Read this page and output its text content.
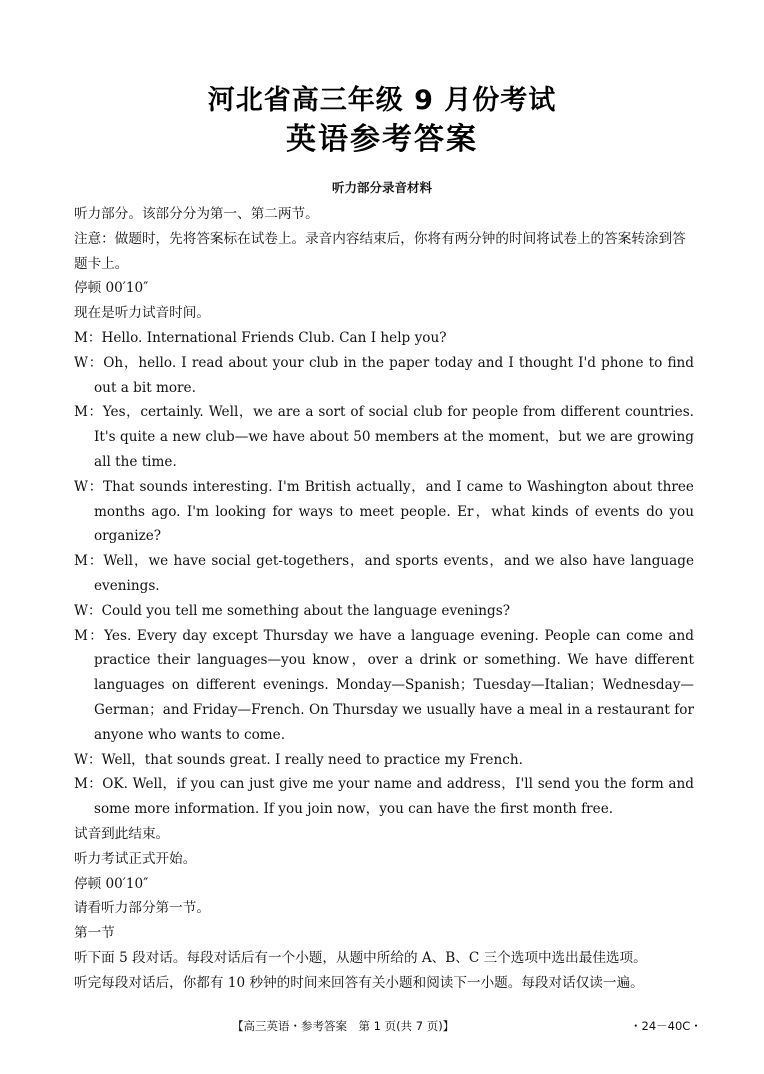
河北省高三年级 9 月份考试
英语参考答案
听力部分录音材料

听力部分。该部分分为第一、第二两节。

注意：做题时，先将答案标在试卷上。录音内容结束后，你将有两分钟的时间将试卷上的答案转涂到答题卡上。

停顿 00′10″

现在是听力试音时间。

M：Hello. International Friends Club. Can I help you?

W：Oh，hello. I read about your club in the paper today and I thought I'd phone to find out a bit more.

M：Yes，certainly. Well，we are a sort of social club for people from different countries. It's quite a new club—we have about 50 members at the moment，but we are growing all the time.

W：That sounds interesting. I'm British actually，and I came to Washington about three months ago. I'm looking for ways to meet people. Er，what kinds of events do you organize?

M：Well，we have social get-togethers，and sports events，and we also have language evenings.

W：Could you tell me something about the language evenings?

M：Yes. Every day except Thursday we have a language evening. People can come and practice their languages—you know，over a drink or something. We have different languages on different evenings. Monday—Spanish；Tuesday—Italian；Wednesday—German；and Friday—French. On Thursday we usually have a meal in a restaurant for anyone who wants to come.

W：Well，that sounds great. I really need to practice my French.

M：OK. Well，if you can just give me your name and address，I'll send you the form and some more information. If you join now，you can have the first month free.

试音到此结束。

听力考试正式开始。

停顿 00′10″

请看听力部分第一节。

第一节

听下面 5 段对话。每段对话后有一个小题，从题中所给的 A、B、C 三个选项中选出最佳选项。

听完每段对话后，你都有 10 秒钟的时间来回答有关小题和阅读下一小题。每段对话仅读一遍。

【高三英语・参考答案　第 1 页(共 7 页)】	・24－40C・
